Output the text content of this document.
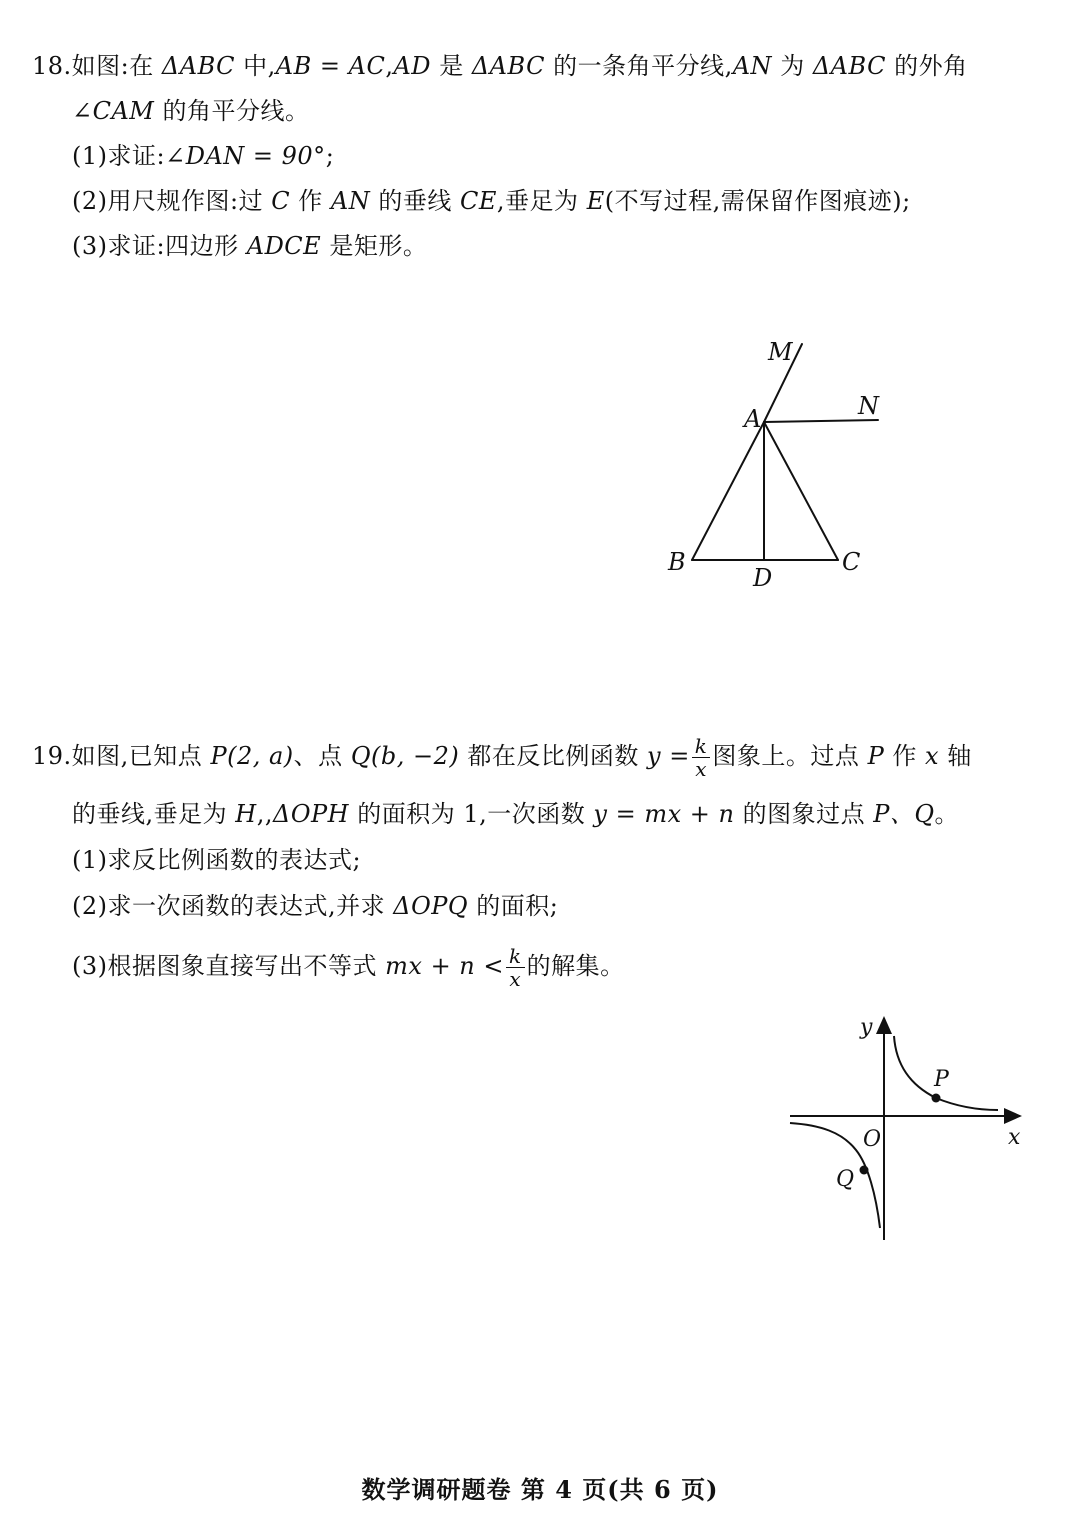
18.如图:在 ΔABC 中,AB = AC,AD 是 ΔABC 的一条角平分线,AN 为 ΔABC 的外角
∠CAM 的角平分线。
(1)求证:∠DAN = 90°;
(2)用尺规作图:过 C 作 AN 的垂线 CE,垂足为 E(不写过程,需保留作图痕迹);
(3)求证:四边形 ADCE 是矩形。
M
N
A
B	C
D
19.如图,已知点 P(2, a)、点 Q(b, −2) 都在反比例函数 $y = \frac{k}{x}$ 图象上。过点 P 作 x 轴
的垂线,垂足为 H,,ΔOPH 的面积为 1,一次函数 y = mx + n 的图象过点 P、Q。
(1)求反比例函数的表达式;
(2)求一次函数的表达式,并求 ΔOPQ 的面积;
(3)根据图象直接写出不等式 mx + $n < \frac{k}{x}$ 的解集。
y
x
O
P
Q
数学调研题卷 第 4 页(共 6 页)
